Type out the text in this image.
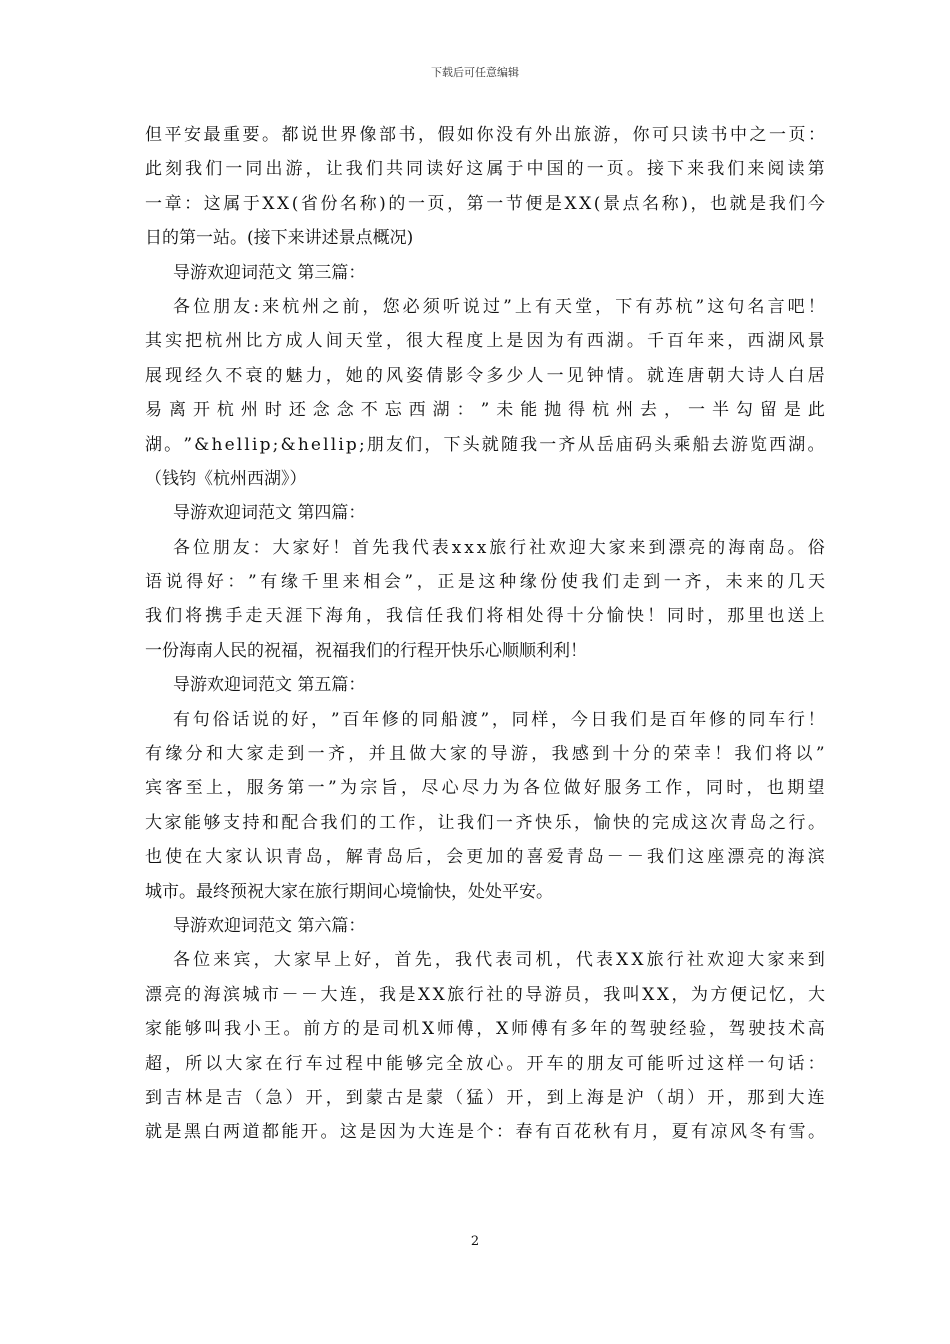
下载后可任意编辑
但 平 安 最 重 要 。 都 说 世 界 像 部 书 ， 假 如 你 没 有 外 出 旅 游 ， 你 可 只 读 书 中 之 一 页 ：
此 刻 我 们 一 同 出 游 ， 让 我 们 共 同 读 好 这 属 于 中 国 的 一 页 。 接 下 来 我 们 来 阅 读 第
一 章 ： 这 属 于 X X ( 省 份 名 称 ) 的 一 页 ， 第 一 节 便 是 X X ( 景 点 名 称 ) ， 也 就 是 我 们 今
日的第一站。(接下来讲述景点概况)
导游欢迎词范文 第三篇：
各 位 朋 友 : 来 杭 州 之 前 ， 您 必 须 听 说 过 ” 上 有 天 堂 ， 下 有 苏 杭 ” 这 句 名 言 吧 ！
其 实 把 杭 州 比 方 成 人 间 天 堂 ， 很 大 程 度 上 是 因 为 有 西 湖 。 千 百 年 来 ， 西 湖 风 景
展 现 经 久 不 衰 的 魅 力 ， 她 的 风 姿 倩 影 令 多 少 人 一 见 钟 情 。 就 连 唐 朝 大 诗 人 白 居
易 离 开 杭 州 时 还 念 念 不 忘 西 湖 ： ” 未 能 抛 得 杭 州 去 ， 一 半 勾 留 是 此
湖 。 ” & h e l l i p ; & h e l l i p ; 朋 友 们 ， 下 头 就 随 我 一 齐 从 岳 庙 码 头 乘 船 去 游 览 西 湖 。
（钱钧《杭州西湖》）
导游欢迎词范文 第四篇：
各 位 朋 友 ： 大 家 好 ！ 首 先 我 代 表 x x x 旅 行 社 欢 迎 大 家 来 到 漂 亮 的 海 南 岛 。 俗
语 说 得 好 ： ” 有 缘 千 里 来 相 会 ” ， 正 是 这 种 缘 份 使 我 们 走 到 一 齐 ， 未 来 的 几 天
我 们 将 携 手 走 天 涯 下 海 角 ， 我 信 任 我 们 将 相 处 得 十 分 愉 快 ！ 同 时 ， 那 里 也 送 上
一份海南人民的祝福，祝福我们的行程开快乐心顺顺利利！
导游欢迎词范文 第五篇：
有 句 俗 话 说 的 好 ， ” 百 年 修 的 同 船 渡 ” ， 同 样 ， 今 日 我 们 是 百 年 修 的 同 车 行 ！
有 缘 分 和 大 家 走 到 一 齐 ， 并 且 做 大 家 的 导 游 ， 我 感 到 十 分 的 荣 幸 ！ 我 们 将 以 ”
宾 客 至 上 ， 服 务 第 一 ” 为 宗 旨 ， 尽 心 尽 力 为 各 位 做 好 服 务 工 作 ， 同 时 ， 也 期 望
大 家 能 够 支 持 和 配 合 我 们 的 工 作 ， 让 我 们 一 齐 快 乐 ， 愉 快 的 完 成 这 次 青 岛 之 行 。
也 使 在 大 家 认 识 青 岛 ， 解 青 岛 后 ， 会 更 加 的 喜 爱 青 岛 － － 我 们 这 座 漂 亮 的 海 滨
城市。最终预祝大家在旅行期间心境愉快，处处平安。
导游欢迎词范文 第六篇：
各 位 来 宾 ， 大 家 早 上 好 ， 首 先 ， 我 代 表 司 机 ， 代 表 X X 旅 行 社 欢 迎 大 家 来 到
漂 亮 的 海 滨 城 市 － － 大 连 ， 我 是 X X 旅 行 社 的 导 游 员 ， 我 叫 X X ， 为 方 便 记 忆 ， 大
家 能 够 叫 我 小 王 。 前 方 的 是 司 机 X 师 傅 ， X 师 傅 有 多 年 的 驾 驶 经 验 ， 驾 驶 技 术 高
超 ， 所 以 大 家 在 行 车 过 程 中 能 够 完 全 放 心 。 开 车 的 朋 友 可 能 听 过 这 样 一 句 话 ：
到 吉 林 是 吉 （ 急 ） 开 ， 到 蒙 古 是 蒙 （ 猛 ） 开 ， 到 上 海 是 沪 （ 胡 ） 开 ， 那 到 大 连
就 是 黑 白 两 道 都 能 开 。 这 是 因 为 大 连 是 个 ： 春 有 百 花 秋 有 月 ， 夏 有 凉 风 冬 有 雪 。
2
